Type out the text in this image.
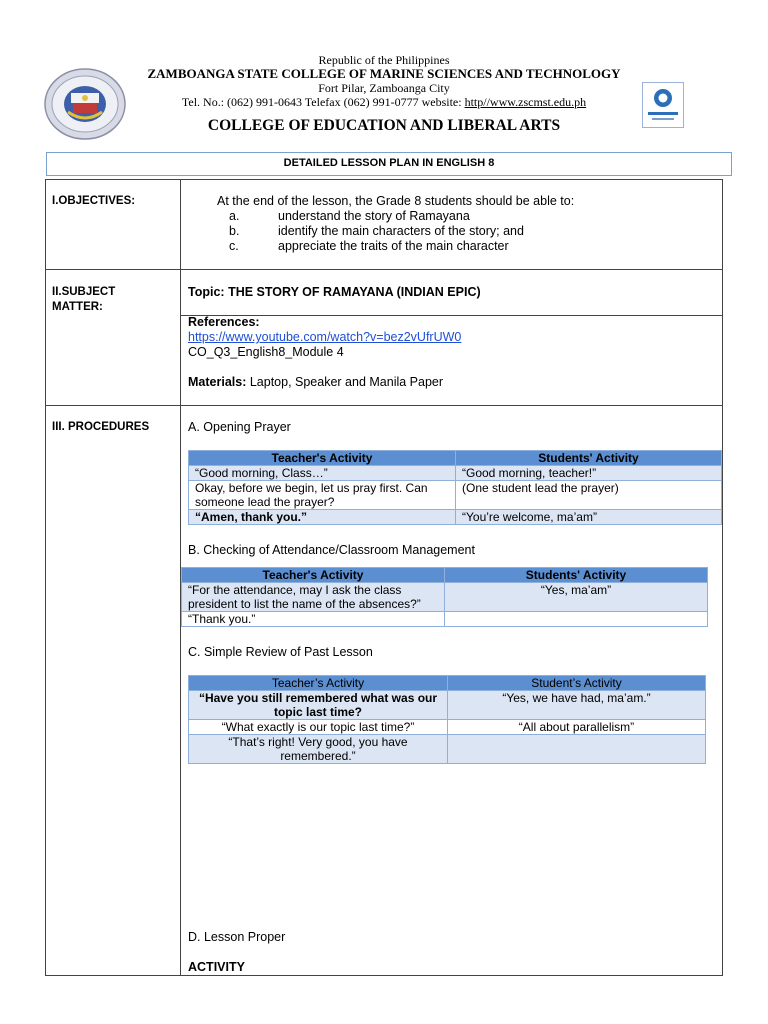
Republic of the Philippines
ZAMBOANGA STATE COLLEGE OF MARINE SCIENCES AND TECHNOLOGY
Fort Pilar, Zamboanga City
Tel. No.: (062) 991-0643 Telefax (062) 991-0777 website: http//www.zscmst.edu.ph
COLLEGE OF EDUCATION AND LIBERAL ARTS
DETAILED LESSON PLAN IN ENGLISH 8
I.OBJECTIVES:	At the end of the lesson, the Grade 8 students should be able to:
a.	understand the story of Ramayana
b.	identify the main characters of the story; and
c.	appreciate the traits of the main character
II.SUBJECT
MATTER:
Topic: THE STORY OF RAMAYANA (INDIAN EPIC)
References:
https://www.youtube.com/watch?v=bez2vUfrUW0
CO_Q3_English8_Module 4
Materials: Laptop, Speaker and Manila Paper
III. PROCEDURES	A. Opening Prayer
Teacher's Activity	Students' Activity
“Good morning, Class…”	“Good morning, teacher!”
Okay, before we begin, let us pray first. Can someone lead the prayer?	(One student lead the prayer)
“Amen, thank you.”	“You’re welcome, ma’am”
B. Checking of Attendance/Classroom Management
Teacher's Activity	Students' Activity
“For the attendance, may I ask the class president to list the name of the absences?”	“Yes, ma’am”
“Thank you.”	
C. Simple Review of Past Lesson
Teacher’s Activity	Student’s Activity
“Have you still remembered what was our topic last time?	“Yes, we have had, ma’am.”
“What exactly is our topic last time?”	“All about parallelism”
“That’s right! Very good, you have remembered.”	
D. Lesson Proper
ACTIVITY
